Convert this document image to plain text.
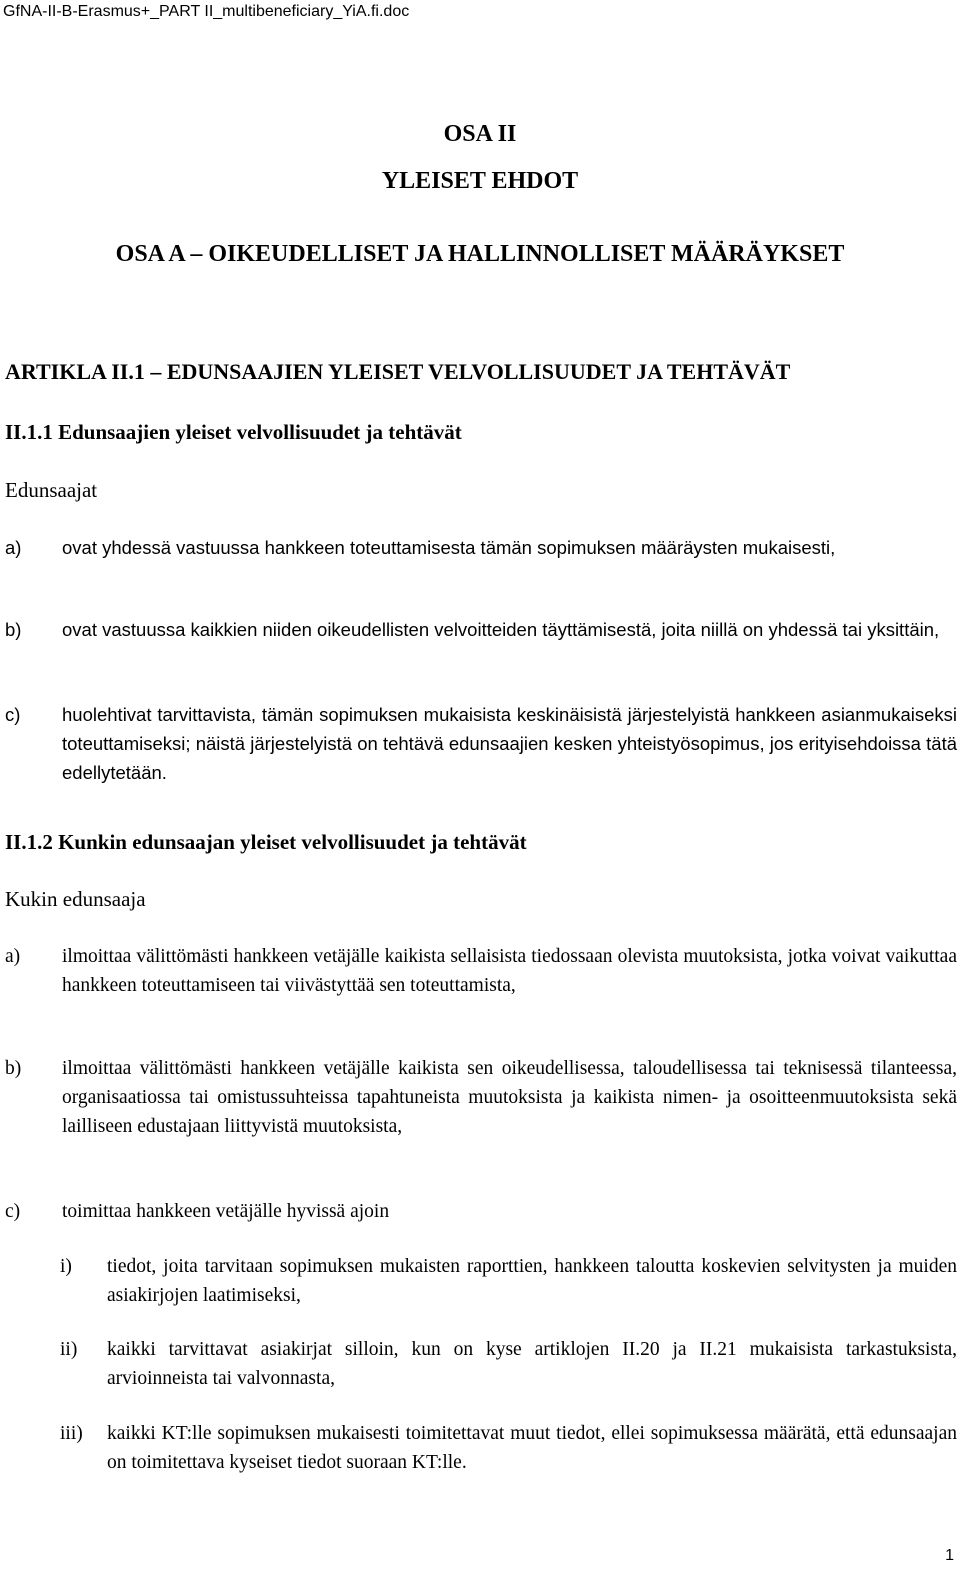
GfNA-II-B-Erasmus+_PART II_multibeneficiary_YiA.fi.doc
OSA II
YLEISET EHDOT
OSA A – OIKEUDELLISET JA HALLINNOLLISET MÄÄRÄYKSET
ARTIKLA II.1 – EDUNSAAJIEN YLEISET VELVOLLISUUDET JA TEHTÄVÄT
II.1.1 Edunsaajien yleiset velvollisuudet ja tehtävät

Edunsaajat

a)	ovat yhdessä vastuussa hankkeen toteuttamisesta tämän sopimuksen määräysten mukaisesti,
b)	ovat vastuussa kaikkien niiden oikeudellisten velvoitteiden täyttämisestä, joita niillä on yhdessä tai yksittäin,
c)	huolehtivat tarvittavista, tämän sopimuksen mukaisista keskinäisistä järjestelyistä hankkeen asianmukaiseksi toteuttamiseksi; näistä järjestelyistä on tehtävä edunsaajien kesken yhteistyösopimus, jos erityisehdoissa tätä edellytetään.
II.1.2 Kunkin edunsaajan yleiset velvollisuudet ja tehtävät

Kukin edunsaaja

a)	ilmoittaa välittömästi hankkeen vetäjälle kaikista sellaisista tiedossaan olevista muutoksista, jotka voivat vaikuttaa hankkeen toteuttamiseen tai viivästyttää sen toteuttamista,
b)	ilmoittaa välittömästi hankkeen vetäjälle kaikista sen oikeudellisessa, taloudellisessa tai teknisessä tilanteessa, organisaatiossa tai omistussuhteissa tapahtuneista muutoksista ja kaikista nimen- ja osoitteenmuutoksista sekä lailliseen edustajaan liittyvistä muutoksista,
c)	toimittaa hankkeen vetäjälle hyvissä ajoin
i)	tiedot, joita tarvitaan sopimuksen mukaisten raporttien, hankkeen taloutta koskevien selvitysten ja muiden asiakirjojen laatimiseksi,
ii)	kaikki tarvittavat asiakirjat silloin, kun on kyse artiklojen II.20 ja II.21 mukaisista tarkastuksista, arvioinneista tai valvonnasta,
iii)	kaikki KT:lle sopimuksen mukaisesti toimitettavat muut tiedot, ellei sopimuksessa määrätä, että edunsaajan on toimitettava kyseiset tiedot suoraan KT:lle.
1
